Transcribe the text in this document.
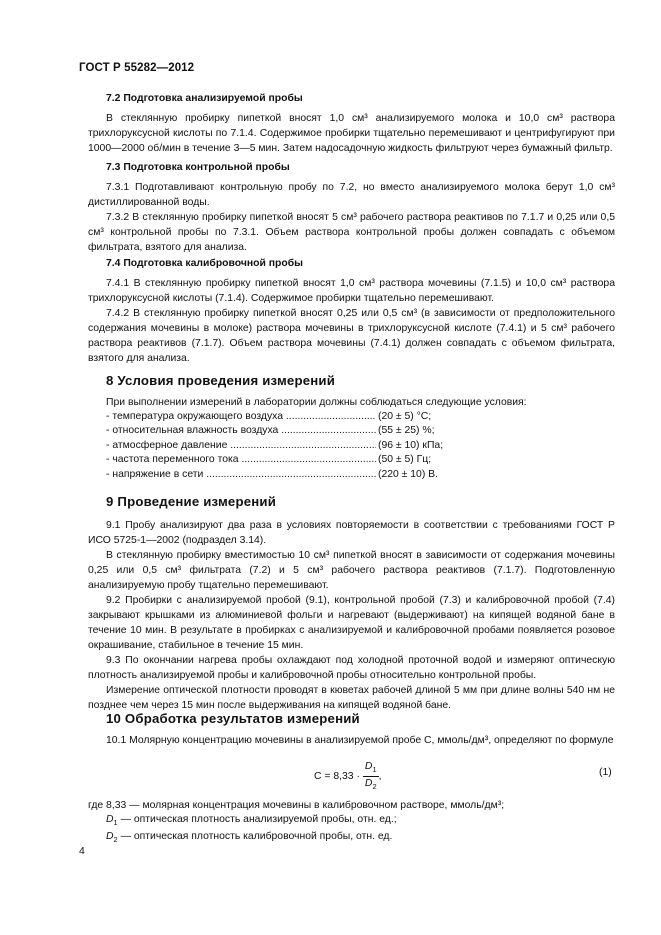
ГОСТ Р 55282—2012
7.2 Подготовка анализируемой пробы

В стеклянную пробирку пипеткой вносят 1,0 см³ анализируемого молока и 10,0 см³ раствора трихлоруксусной кислоты по 7.1.4. Содержимое пробирки тщательно перемешивают и центрифугируют при 1000—2000 об/мин в течение 3—5 мин. Затем надосадочную жидкость фильтруют через бумажный фильтр.

7.3 Подготовка контрольной пробы

7.3.1 Подготавливают контрольную пробу по 7.2, но вместо анализируемого молока берут 1,0 см³ дистиллированной воды.

7.3.2 В стеклянную пробирку пипеткой вносят 5 см³ рабочего раствора реактивов по 7.1.7 и 0,25 или 0,5 см³ контрольной пробы по 7.3.1. Объем раствора контрольной пробы должен совпадать с объемом фильтрата, взятого для анализа.

7.4 Подготовка калибровочной пробы

7.4.1 В стеклянную пробирку пипеткой вносят 1,0 см³ раствора мочевины (7.1.5) и 10,0 см³ раствора трихлоруксусной кислоты (7.1.4). Содержимое пробирки тщательно перемешивают.

7.4.2 В стеклянную пробирку пипеткой вносят 0,25 или 0,5 см³ (в зависимости от предположительного содержания мочевины в молоке) раствора мочевины в трихлоруксусной кислоте (7.4.1) и 5 см³ рабочего раствора реактивов (7.1.7). Объем раствора мочевины (7.4.1) должен совпадать с объемом фильтрата, взятого для анализа.

8 Условия проведения измерений

При выполнении измерений в лаборатории должны соблюдаться следующие условия:

- температура окружающего воздуха .....	(20 ± 5) °C;
- относительная влажность воздуха .....	(55 ± 25) %;
- атмосферное давление .....	(96 ± 10) кПа;
- частота переменного тока .....	(50 ± 5) Гц;
- напряжение в сети .....	(220 ± 10) В.
9 Проведение измерений

9.1 Пробу анализируют два раза в условиях повторяемости в соответствии с требованиями ГОСТ Р ИСО 5725-1—2002 (подраздел 3.14).

В стеклянную пробирку вместимостью 10 см³ пипеткой вносят в зависимости от содержания мочевины 0,25 или 0,5 см³ фильтрата (7.2) и 5 см³ рабочего раствора реактивов (7.1.7). Подготовленную анализируемую пробу тщательно перемешивают.

9.2 Пробирки с анализируемой пробой (9.1), контрольной пробой (7.3) и калибровочной пробой (7.4) закрывают крышками из алюминиевой фольги и нагревают (выдерживают) на кипящей водяной бане в течение 10 мин. В результате в пробирках с анализируемой и калибровочной пробами появляется розовое окрашивание, стабильное в течение 15 мин.

9.3 По окончании нагрева пробы охлаждают под холодной проточной водой и измеряют оптическую плотность анализируемой пробы и калибровочной пробы относительно контрольной пробы.

Измерение оптической плотности проводят в кюветах рабочей длиной 5 мм при длине волны 540 нм не позднее чем через 15 мин после выдерживания на кипящей водяной бане.

10 Обработка результатов измерений

10.1 Молярную концентрацию мочевины в анализируемой пробе C, ммоль/дм³, определяют по формуле

$C = 8,33 \cdot \frac{D_1}{D_2}$ ,	(1)
где 8,33 — молярная концентрация мочевины в калибровочном растворе, ммоль/дм³;
$D_1$ — оптическая плотность анализируемой пробы, отн. ед.;
$D_2$ — оптическая плотность калибровочной пробы, отн. ед.
4
